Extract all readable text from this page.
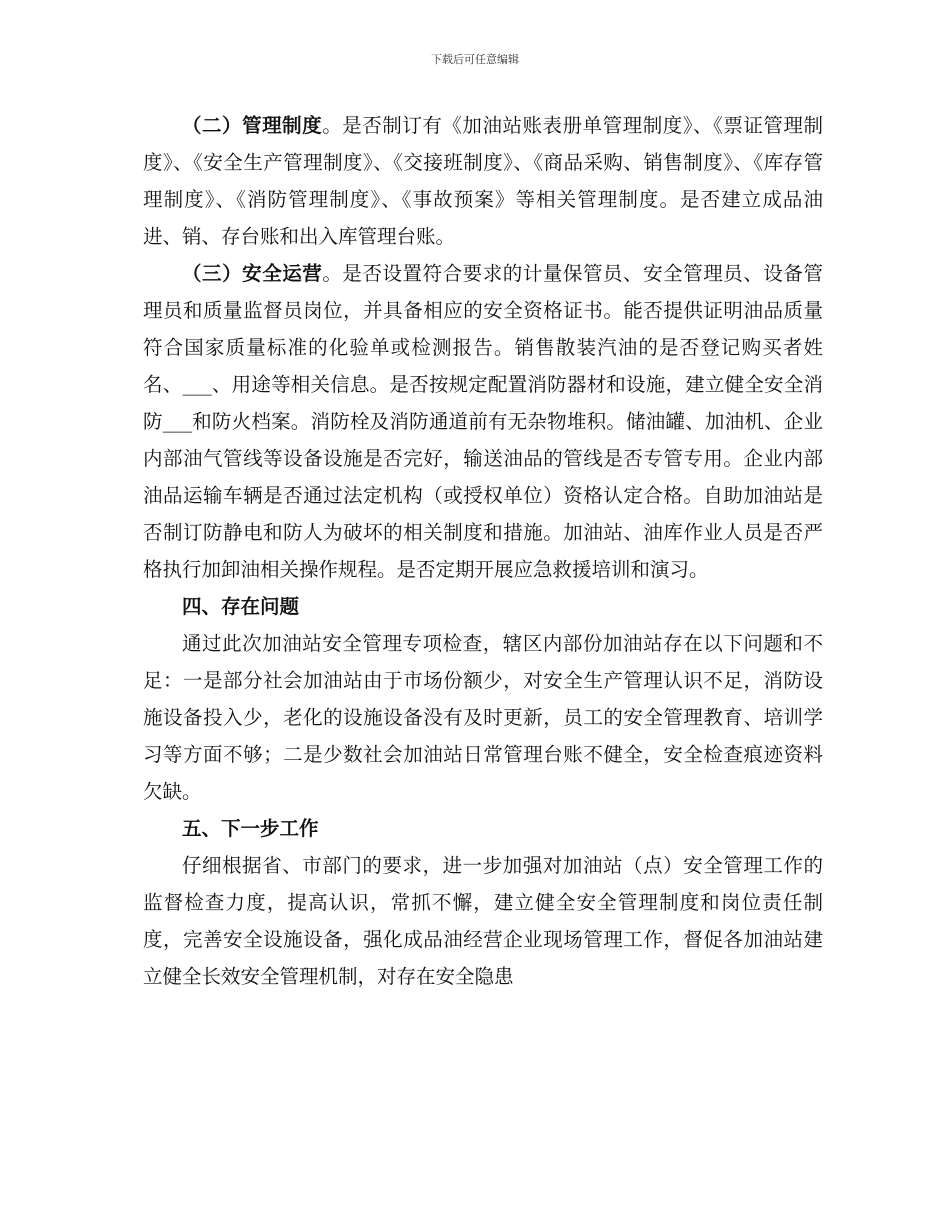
下载后可任意编辑

（二）管理制度。是否制订有《加油站账表册单管理制度》、《票证管理制度》、《安全生产管理制度》、《交接班制度》、《商品采购、销售制度》、《库存管理制度》、《消防管理制度》、《事故预案》等相关管理制度。是否建立成品油进、销、存台账和出入库管理台账。

（三）安全运营。是否设置符合要求的计量保管员、安全管理员、设备管理员和质量监督员岗位，并具备相应的安全资格证书。能否提供证明油品质量符合国家质量标准的化验单或检测报告。销售散装汽油的是否登记购买者姓名、___、用途等相关信息。是否按规定配置消防器材和设施，建立健全安全消防___和防火档案。消防栓及消防通道前有无杂物堆积。储油罐、加油机、企业内部油气管线等设备设施是否完好，输送油品的管线是否专管专用。企业内部油品运输车辆是否通过法定机构（或授权单位）资格认定合格。自助加油站是否制订防静电和防人为破坏的相关制度和措施。加油站、油库作业人员是否严格执行加卸油相关操作规程。是否定期开展应急救援培训和演习。

四、存在问题

通过此次加油站安全管理专项检查，辖区内部份加油站存在以下问题和不足：一是部分社会加油站由于市场份额少，对安全生产管理认识不足，消防设施设备投入少，老化的设施设备没有及时更新，员工的安全管理教育、培训学习等方面不够；二是少数社会加油站日常管理台账不健全，安全检查痕迹资料欠缺。

五、下一步工作

仔细根据省、市部门的要求，进一步加强对加油站（点）安全管理工作的监督检查力度，提高认识，常抓不懈，建立健全安全管理制度和岗位责任制度，完善安全设施设备，强化成品油经营企业现场管理工作，督促各加油站建立健全长效安全管理机制，对存在安全隐患
